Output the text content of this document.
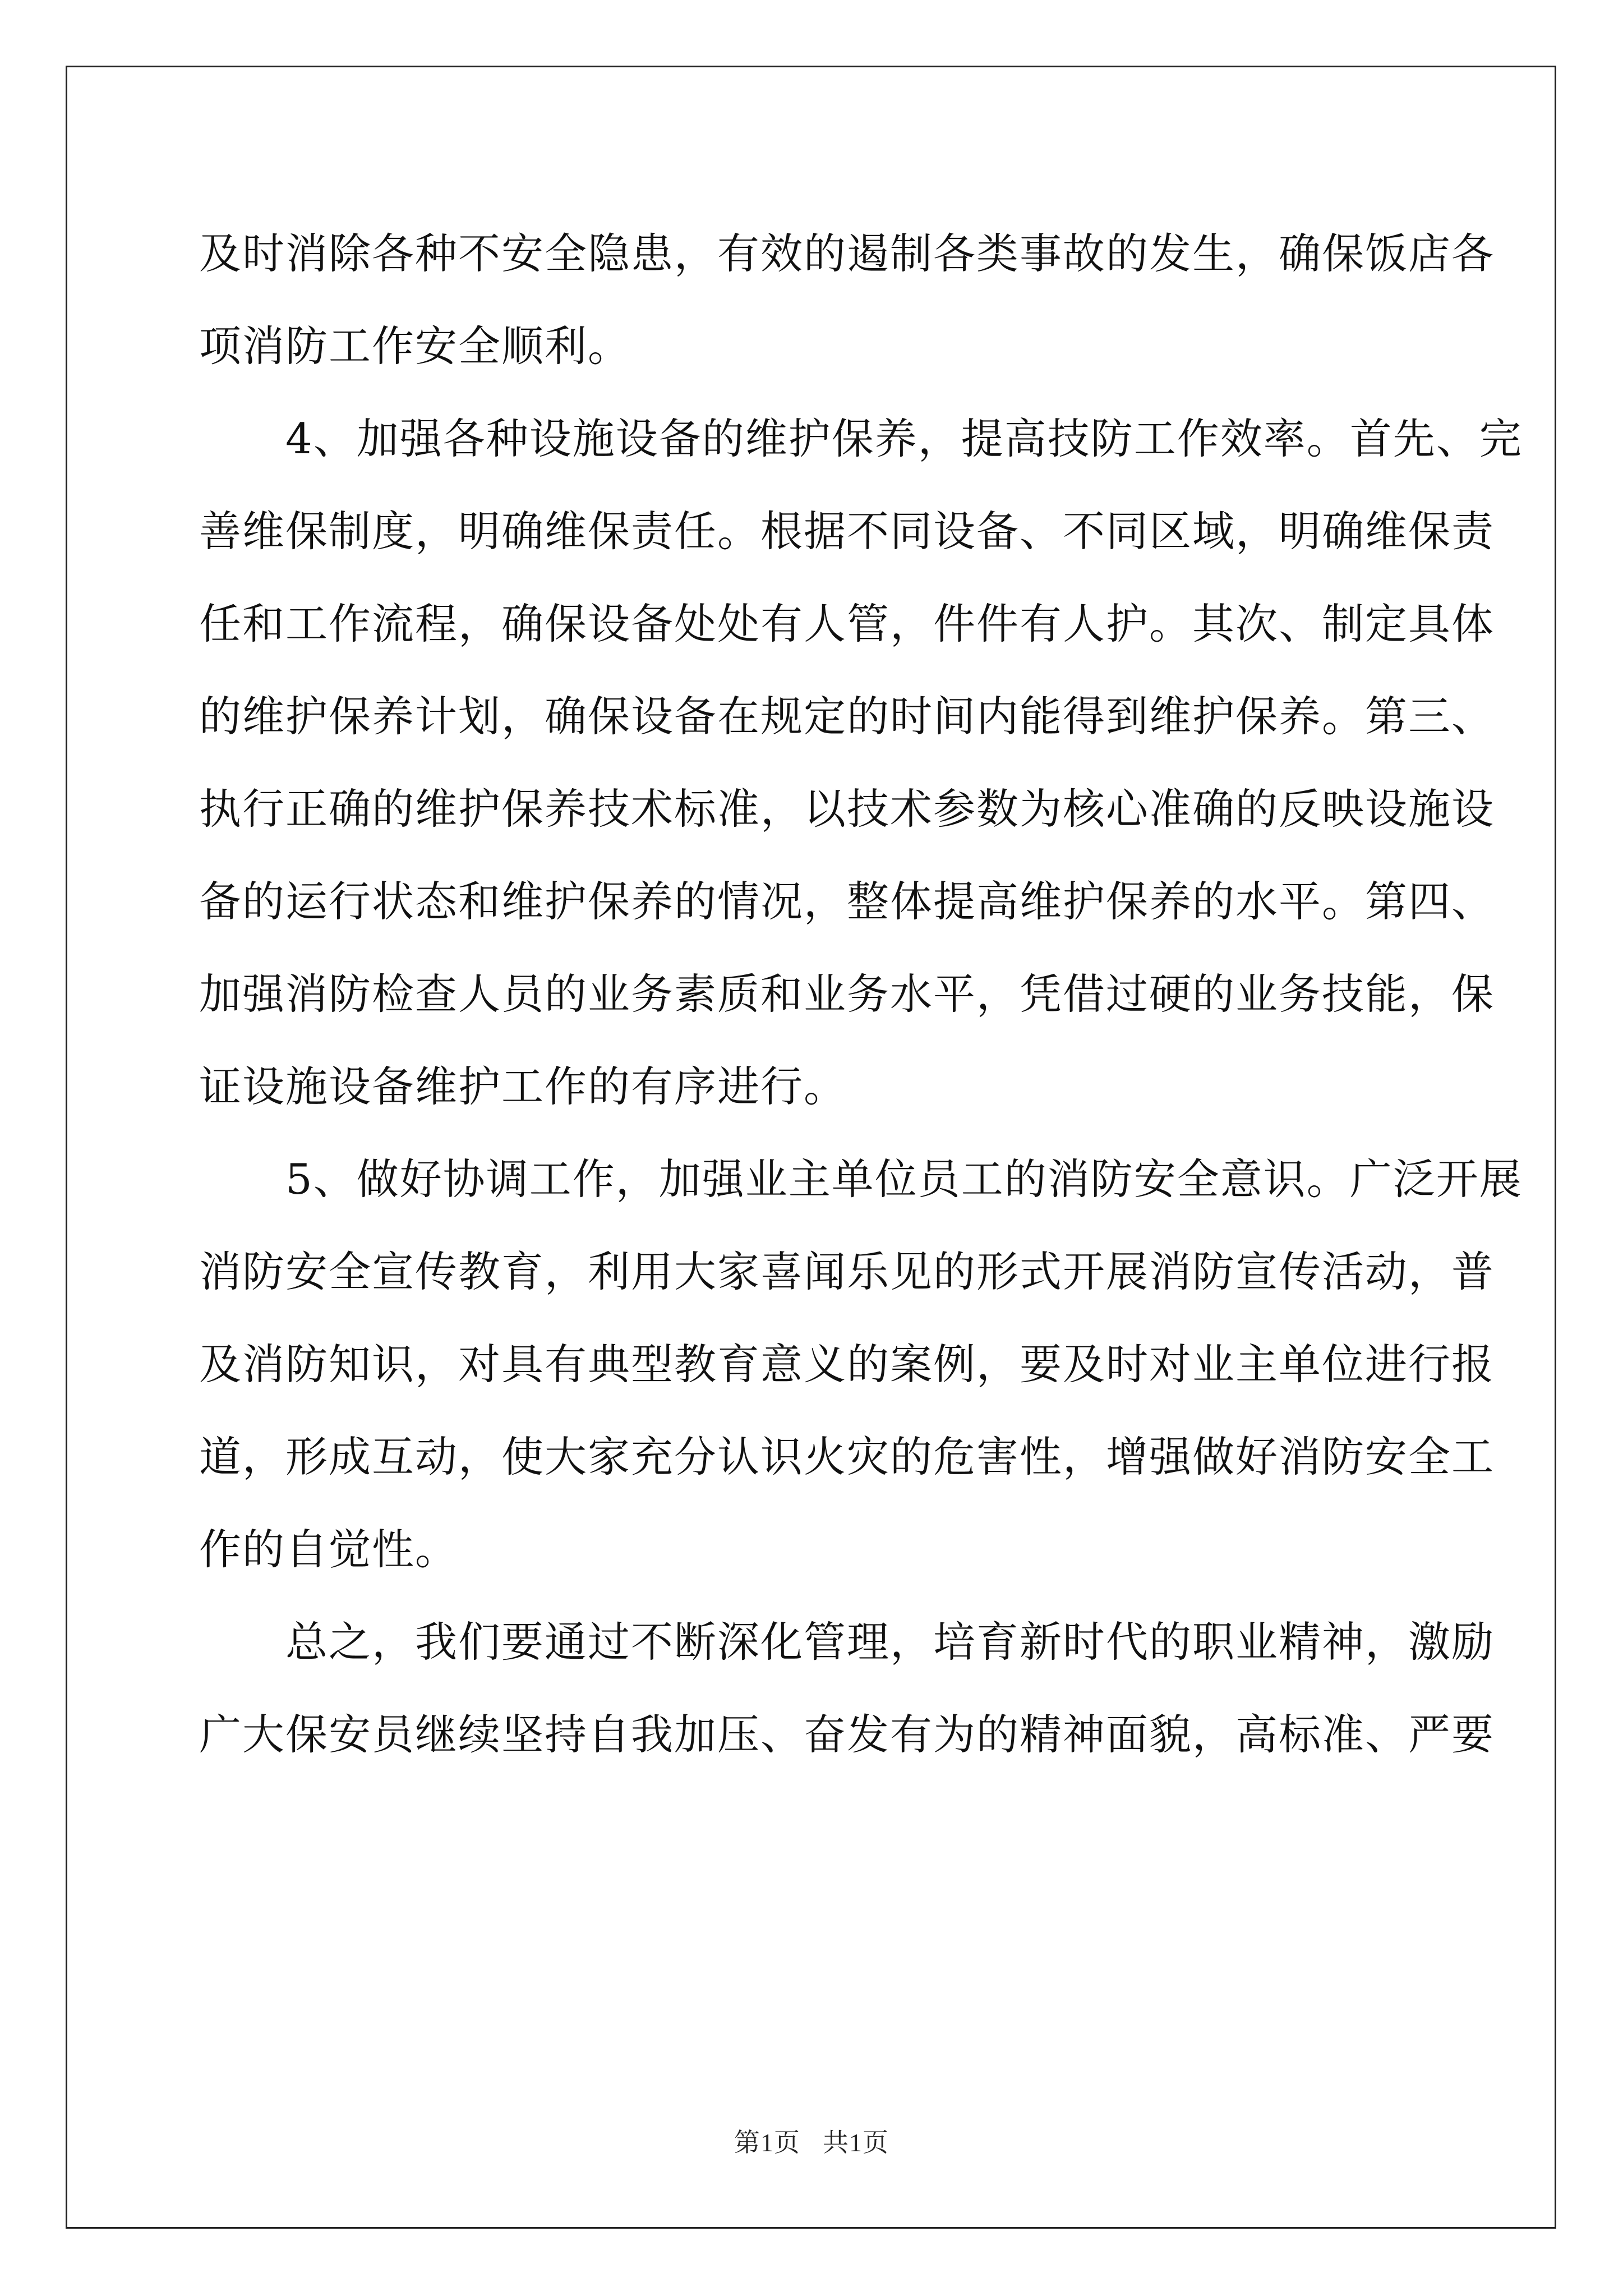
及时消除各种不安全隐患，有效的遏制各类事故的发生，确保饭店各
项消防工作安全顺利。
　　4、加强各种设施设备的维护保养，提高技防工作效率。首先、完
善维保制度，明确维保责任。根据不同设备、不同区域，明确维保责
任和工作流程，确保设备处处有人管，件件有人护。其次、制定具体
的维护保养计划，确保设备在规定的时间内能得到维护保养。第三、
执行正确的维护保养技术标准，以技术参数为核心准确的反映设施设
备的运行状态和维护保养的情况，整体提高维护保养的水平。第四、
加强消防检查人员的业务素质和业务水平，凭借过硬的业务技能，保
证设施设备维护工作的有序进行。
　　5、做好协调工作，加强业主单位员工的消防安全意识。广泛开展
消防安全宣传教育，利用大家喜闻乐见的形式开展消防宣传活动，普
及消防知识，对具有典型教育意义的案例，要及时对业主单位进行报
道，形成互动，使大家充分认识火灾的危害性，增强做好消防安全工
作的自觉性。
　　总之，我们要通过不断深化管理，培育新时代的职业精神，激励
广大保安员继续坚持自我加压、奋发有为的精神面貌，高标准、严要
第1页 共1页
